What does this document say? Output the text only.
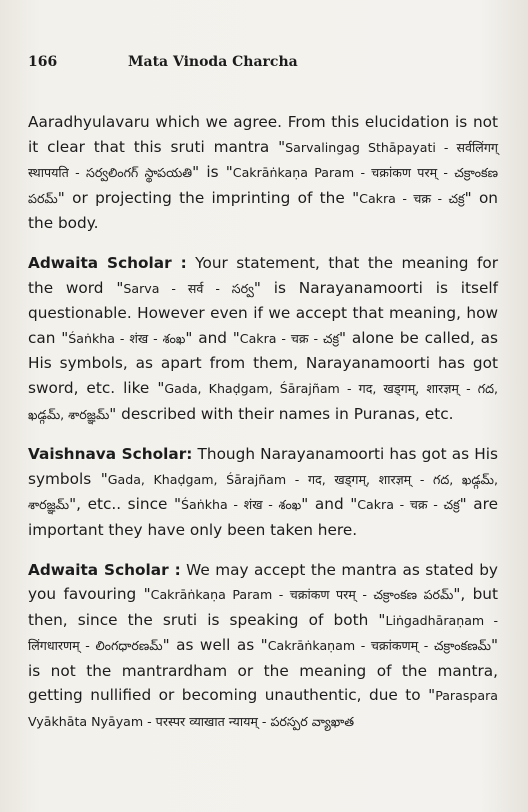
166	Mata Vinoda Charcha

Aaradhyulavaru which we agree. From this elucidation is not it clear that this sruti mantra "Sarvalingag Sthāpayati - सर्वलिंगग् स्थापयति - సర్వలింగగ్ స్థాపయతి" is "Cakrāṅkaṇa Param - चक्रांकण परम् - చక్రాంకణ పరమ్" or projecting the imprinting of the "Cakra - चक्र - చక్ర" on the body.

Adwaita Scholar : Your statement, that the meaning for the word "Sarva - सर्व - సర్వ" is Narayanamoorti is itself questionable. However even if we accept that meaning, how can "Śaṅkha - शंख - శంఖ" and "Cakra - चक्र - చక్ర" alone be called, as His symbols, as apart from them, Narayanamoorti has got sword, etc. like "Gada, Khaḍgam, Śārajñam - गद, खड्गम्, शारज्ञम् - గద, ఖడ్గమ్, శారజ్ఞమ్" described with their names in Puranas, etc.

Vaishnava Scholar: Though Narayanamoorti has got as His symbols "Gada, Khaḍgam, Śārajñam - गद, खड्गम्, शारज्ञम् - గద, ఖడ్గమ్, శారజ్ఞమ్", etc.. since "Śaṅkha - शंख - శంఖ" and "Cakra - चक्र - చక్ర" are important they have only been taken here.

Adwaita Scholar : We may accept the mantra as stated by you favouring "Cakrāṅkaṇa Param - चक्रांकण परम् - చక్రాంకణ పరమ్", but then, since the sruti is speaking of both "Liṅgadhāraṇam - लिंगधारणम् - లింగధారణమ్" as well as "Cakrāṅkaṇam - चक्रांकणम् - చక్రాంకణమ్" is not the mantrardham or the meaning of the mantra, getting nullified or becoming unauthentic, due to "Paraspara Vyākhāta Nyāyam - परस्पर व्याखात न्यायम् - పరస్పర వ్యాఖాత
